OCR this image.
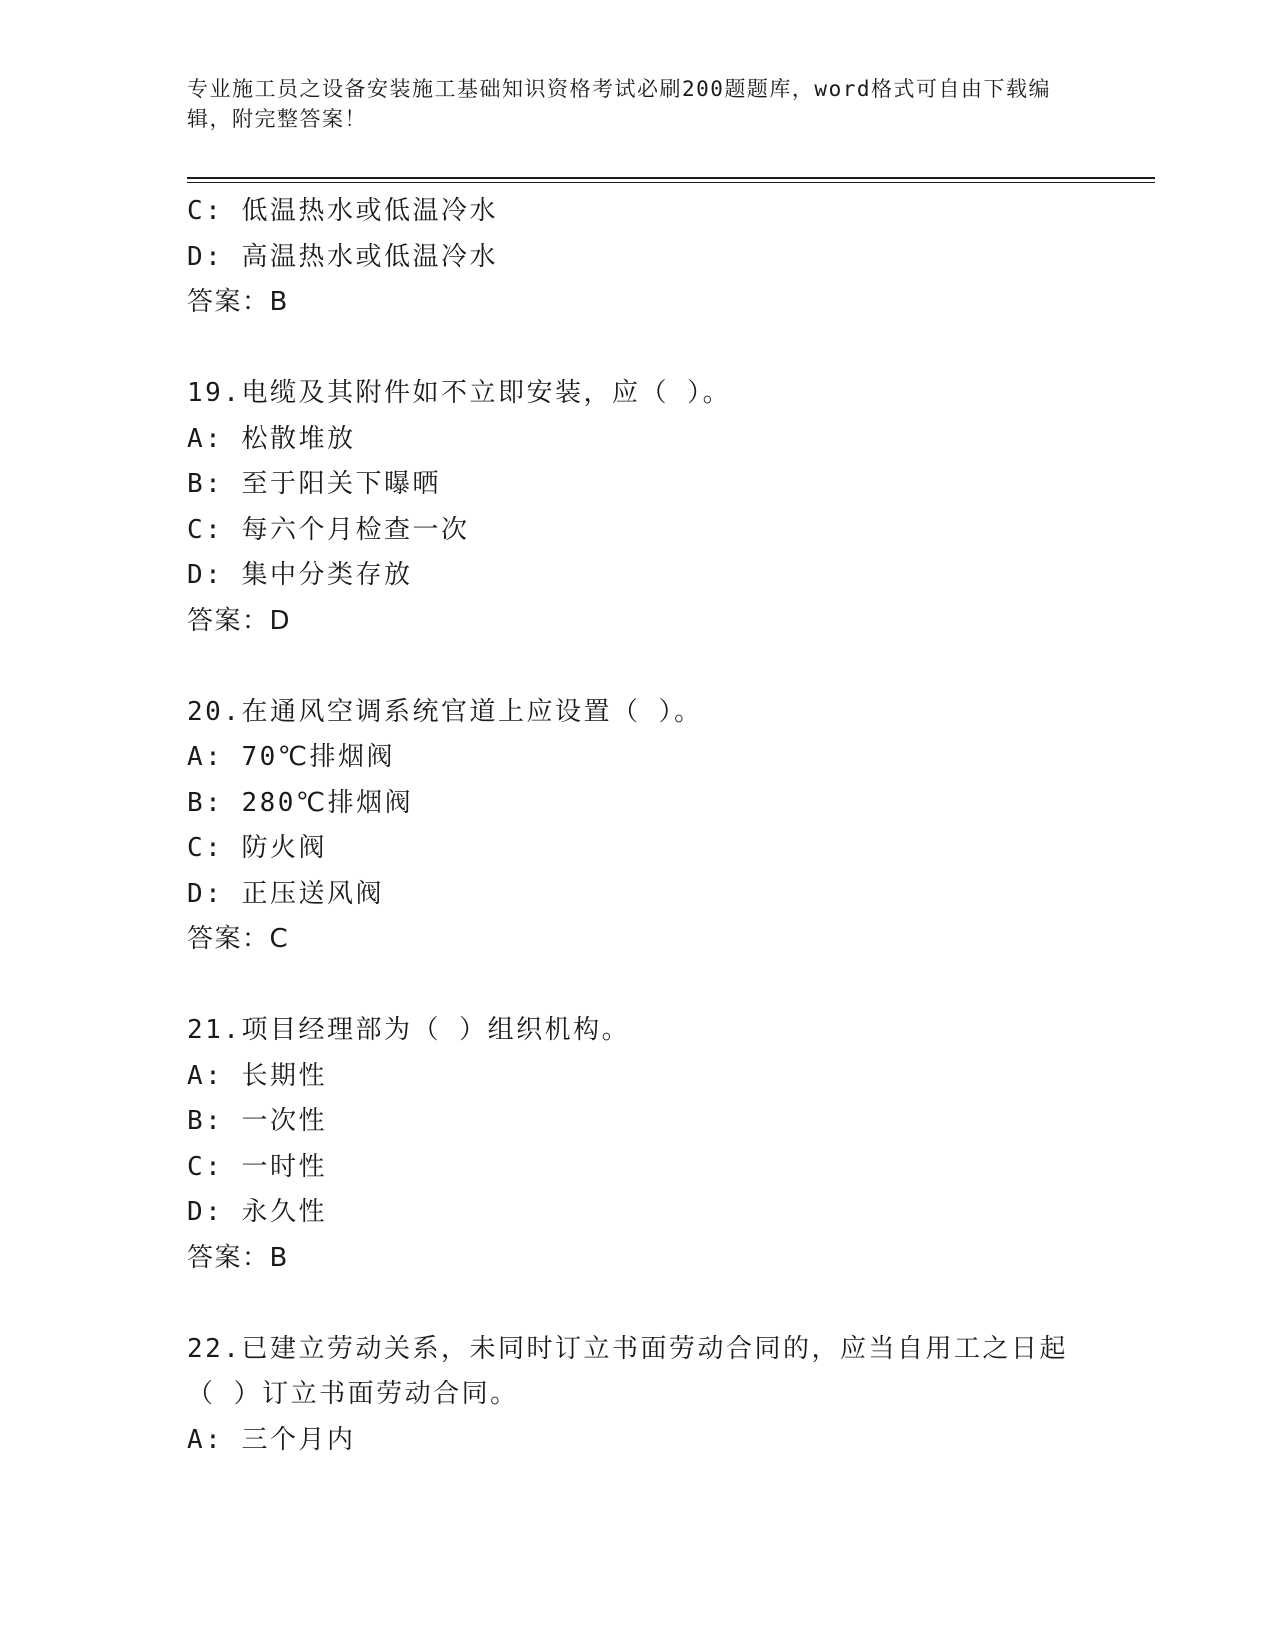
专业施工员之设备安装施工基础知识资格考试必刷200题题库，word格式可自由下载编辑，附完整答案！
C: 低温热水或低温冷水
D: 高温热水或低温冷水
答案：B
19.电缆及其附件如不立即安装，应（ ）。
A: 松散堆放
B: 至于阳关下曝晒
C: 每六个月检查一次
D: 集中分类存放
答案：D
20.在通风空调系统官道上应设置（ ）。
A: 70℃排烟阀
B: 280℃排烟阀
C: 防火阀
D: 正压送风阀
答案：C
21.项目经理部为（ ）组织机构。
A: 长期性
B: 一次性
C: 一时性
D: 永久性
答案：B
22.已建立劳动关系，未同时订立书面劳动合同的，应当自用工之日起（ ）订立书面劳动合同。
A: 三个月内
